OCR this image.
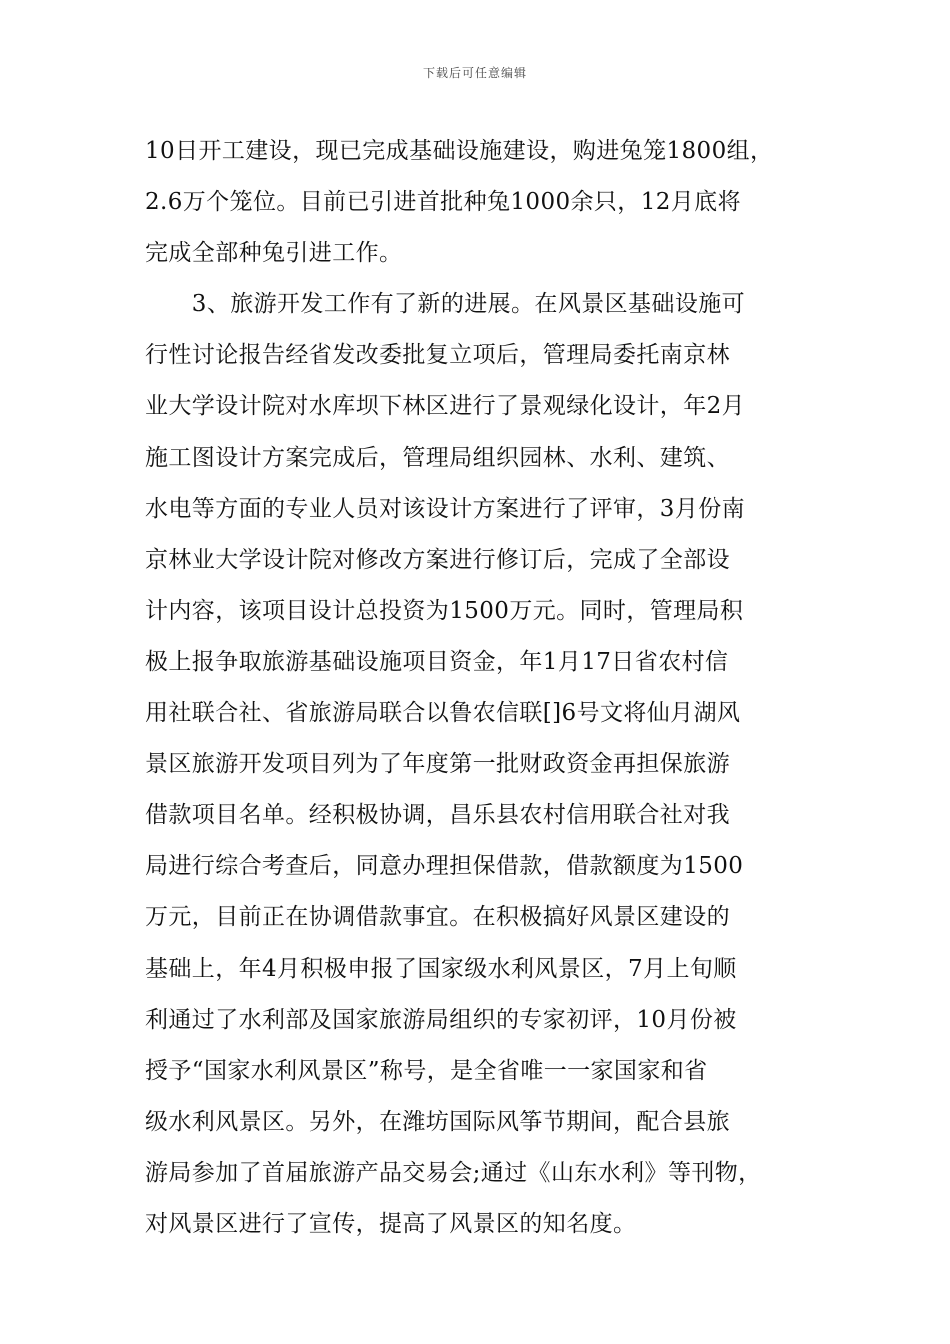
下载后可任意编辑
10日开工建设，现已完成基础设施建设，购进兔笼1800组，
2.6万个笼位。目前已引进首批种兔1000余只，12月底将
完成全部种兔引进工作。
　　3、旅游开发工作有了新的进展。在风景区基础设施可
行性讨论报告经省发改委批复立项后，管理局委托南京林
业大学设计院对水库坝下林区进行了景观绿化设计，年2月
施工图设计方案完成后，管理局组织园林、水利、建筑、
水电等方面的专业人员对该设计方案进行了评审，3月份南
京林业大学设计院对修改方案进行修订后，完成了全部设
计内容，该项目设计总投资为1500万元。同时，管理局积
极上报争取旅游基础设施项目资金，年1月17日省农村信
用社联合社、省旅游局联合以鲁农信联[]6号文将仙月湖风
景区旅游开发项目列为了年度第一批财政资金再担保旅游
借款项目名单。经积极协调，昌乐县农村信用联合社对我
局进行综合考查后，同意办理担保借款，借款额度为1500
万元，目前正在协调借款事宜。在积极搞好风景区建设的
基础上，年4月积极申报了国家级水利风景区，7月上旬顺
利通过了水利部及国家旅游局组织的专家初评，10月份被
授予“国家水利风景区”称号，是全省唯一一家国家和省
级水利风景区。另外，在潍坊国际风筝节期间，配合县旅
游局参加了首届旅游产品交易会;通过《山东水利》等刊物，
对风景区进行了宣传，提高了风景区的知名度。
